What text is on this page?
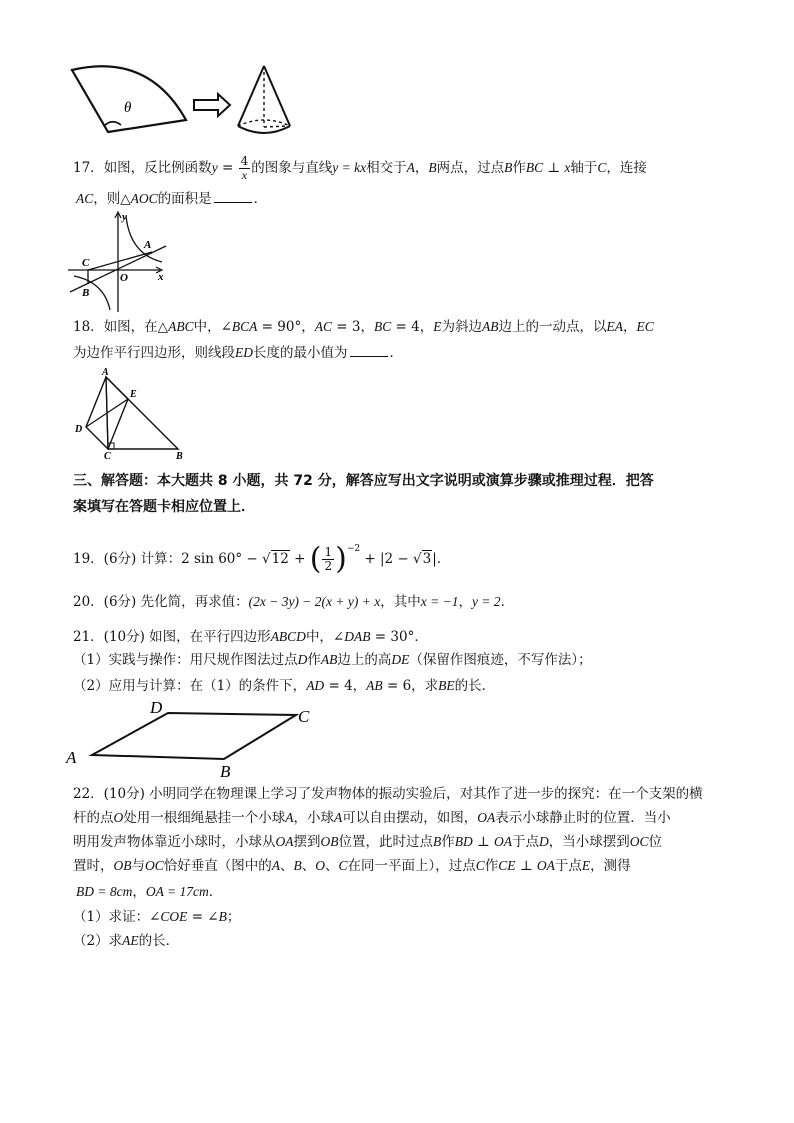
θ
17．如图，反比例函数$y = \frac{4}{x}$ 的图象与直线y = kx相交于A，B两点，过点B作BC ⊥ x轴于C，连接
AC，则△AOC的面积是	．
y
A
C
O	x
B
18．如图，在△ABC中，∠BCA = 90°，AC = 3，BC = 4，E为斜边AB边上的一动点，以EA，EC
为边作平行四边形，则线段ED长度的最小值为	．
A
E
D
C	B
三、解答题：本大题共 8 小题，共 72 分，解答应写出文字说明或演算步骤或推理过程．把答
案填写在答题卡相应位置上．
19．(6分) 计算：2 sin 60° − √12 + ( $\frac{1}{2} )^{-2} + |2 - √3|$．
20．(6分) 先化简，再求值：(2x − 3y) − 2(x + y) + x，其中x = −1，y = 2．
21．(10分) 如图，在平行四边形ABCD中，∠DAB = 30°．
（1）实践与操作：用尺规作图法过点D作AB边上的高DE（保留作图痕迹，不写作法）；
（2）应用与计算：在（1）的条件下，AD = 4，AB = 6，求BE的长．
D	C
A
B
22．(10分) 小明同学在物理课上学习了发声物体的振动实验后，对其作了进一步的探究：在一个支架的横
杆的点O处用一根细绳悬挂一个小球A，小球A可以自由摆动，如图，OA表示小球静止时的位置．当小
明用发声物体靠近小球时，小球从OA摆到OB位置，此时过点B作BD ⊥ OA于点D，当小球摆到OC位
置时，OB与OC恰好垂直（图中的A、B、O、C在同一平面上），过点C作CE ⊥ OA于点E，测得
BD = 8cm，OA = 17cm．
（1）求证：∠COE = ∠B；
（2）求AE的长．
